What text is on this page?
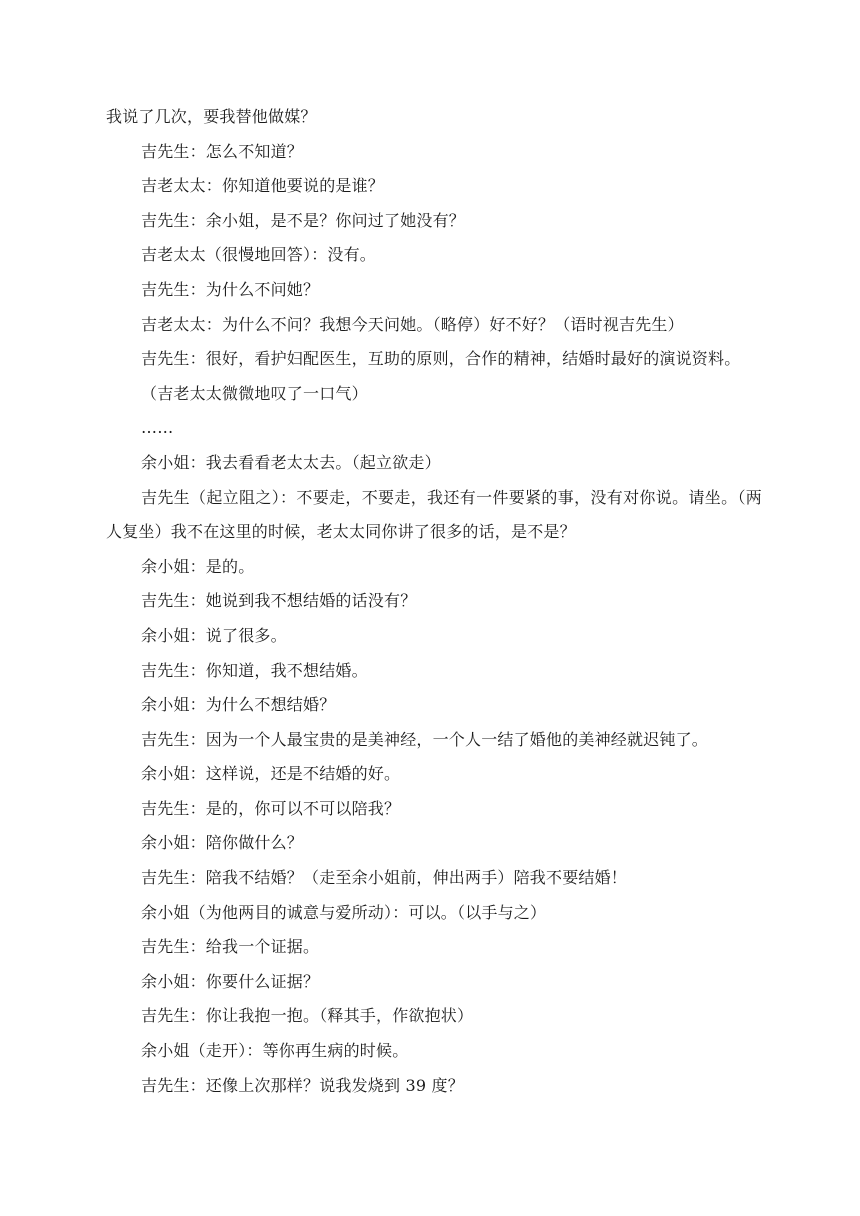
我说了几次，要我替他做媒？
吉先生：怎么不知道？
吉老太太：你知道他要说的是谁？
吉先生：余小姐，是不是？你问过了她没有？
吉老太太（很慢地回答）：没有。
吉先生：为什么不问她？
吉老太太：为什么不问？我想今天问她。（略停）好不好？（语时视吉先生）
吉先生：很好，看护妇配医生，互助的原则，合作的精神，结婚时最好的演说资料。
（吉老太太微微地叹了一口气）
……
余小姐：我去看看老太太去。（起立欲走）
吉先生（起立阻之）：不要走，不要走，我还有一件要紧的事，没有对你说。请坐。（两人复坐）我不在这里的时候，老太太同你讲了很多的话，是不是？
余小姐：是的。
吉先生：她说到我不想结婚的话没有？
余小姐：说了很多。
吉先生：你知道，我不想结婚。
余小姐：为什么不想结婚？
吉先生：因为一个人最宝贵的是美神经，一个人一结了婚他的美神经就迟钝了。
余小姐：这样说，还是不结婚的好。
吉先生：是的，你可以不可以陪我？
余小姐：陪你做什么？
吉先生：陪我不结婚？（走至余小姐前，伸出两手）陪我不要结婚！
余小姐（为他两目的诚意与爱所动）：可以。（以手与之）
吉先生：给我一个证据。
余小姐：你要什么证据？
吉先生：你让我抱一抱。（释其手，作欲抱状）
余小姐（走开）：等你再生病的时候。
吉先生：还像上次那样？说我发烧到 39 度？
